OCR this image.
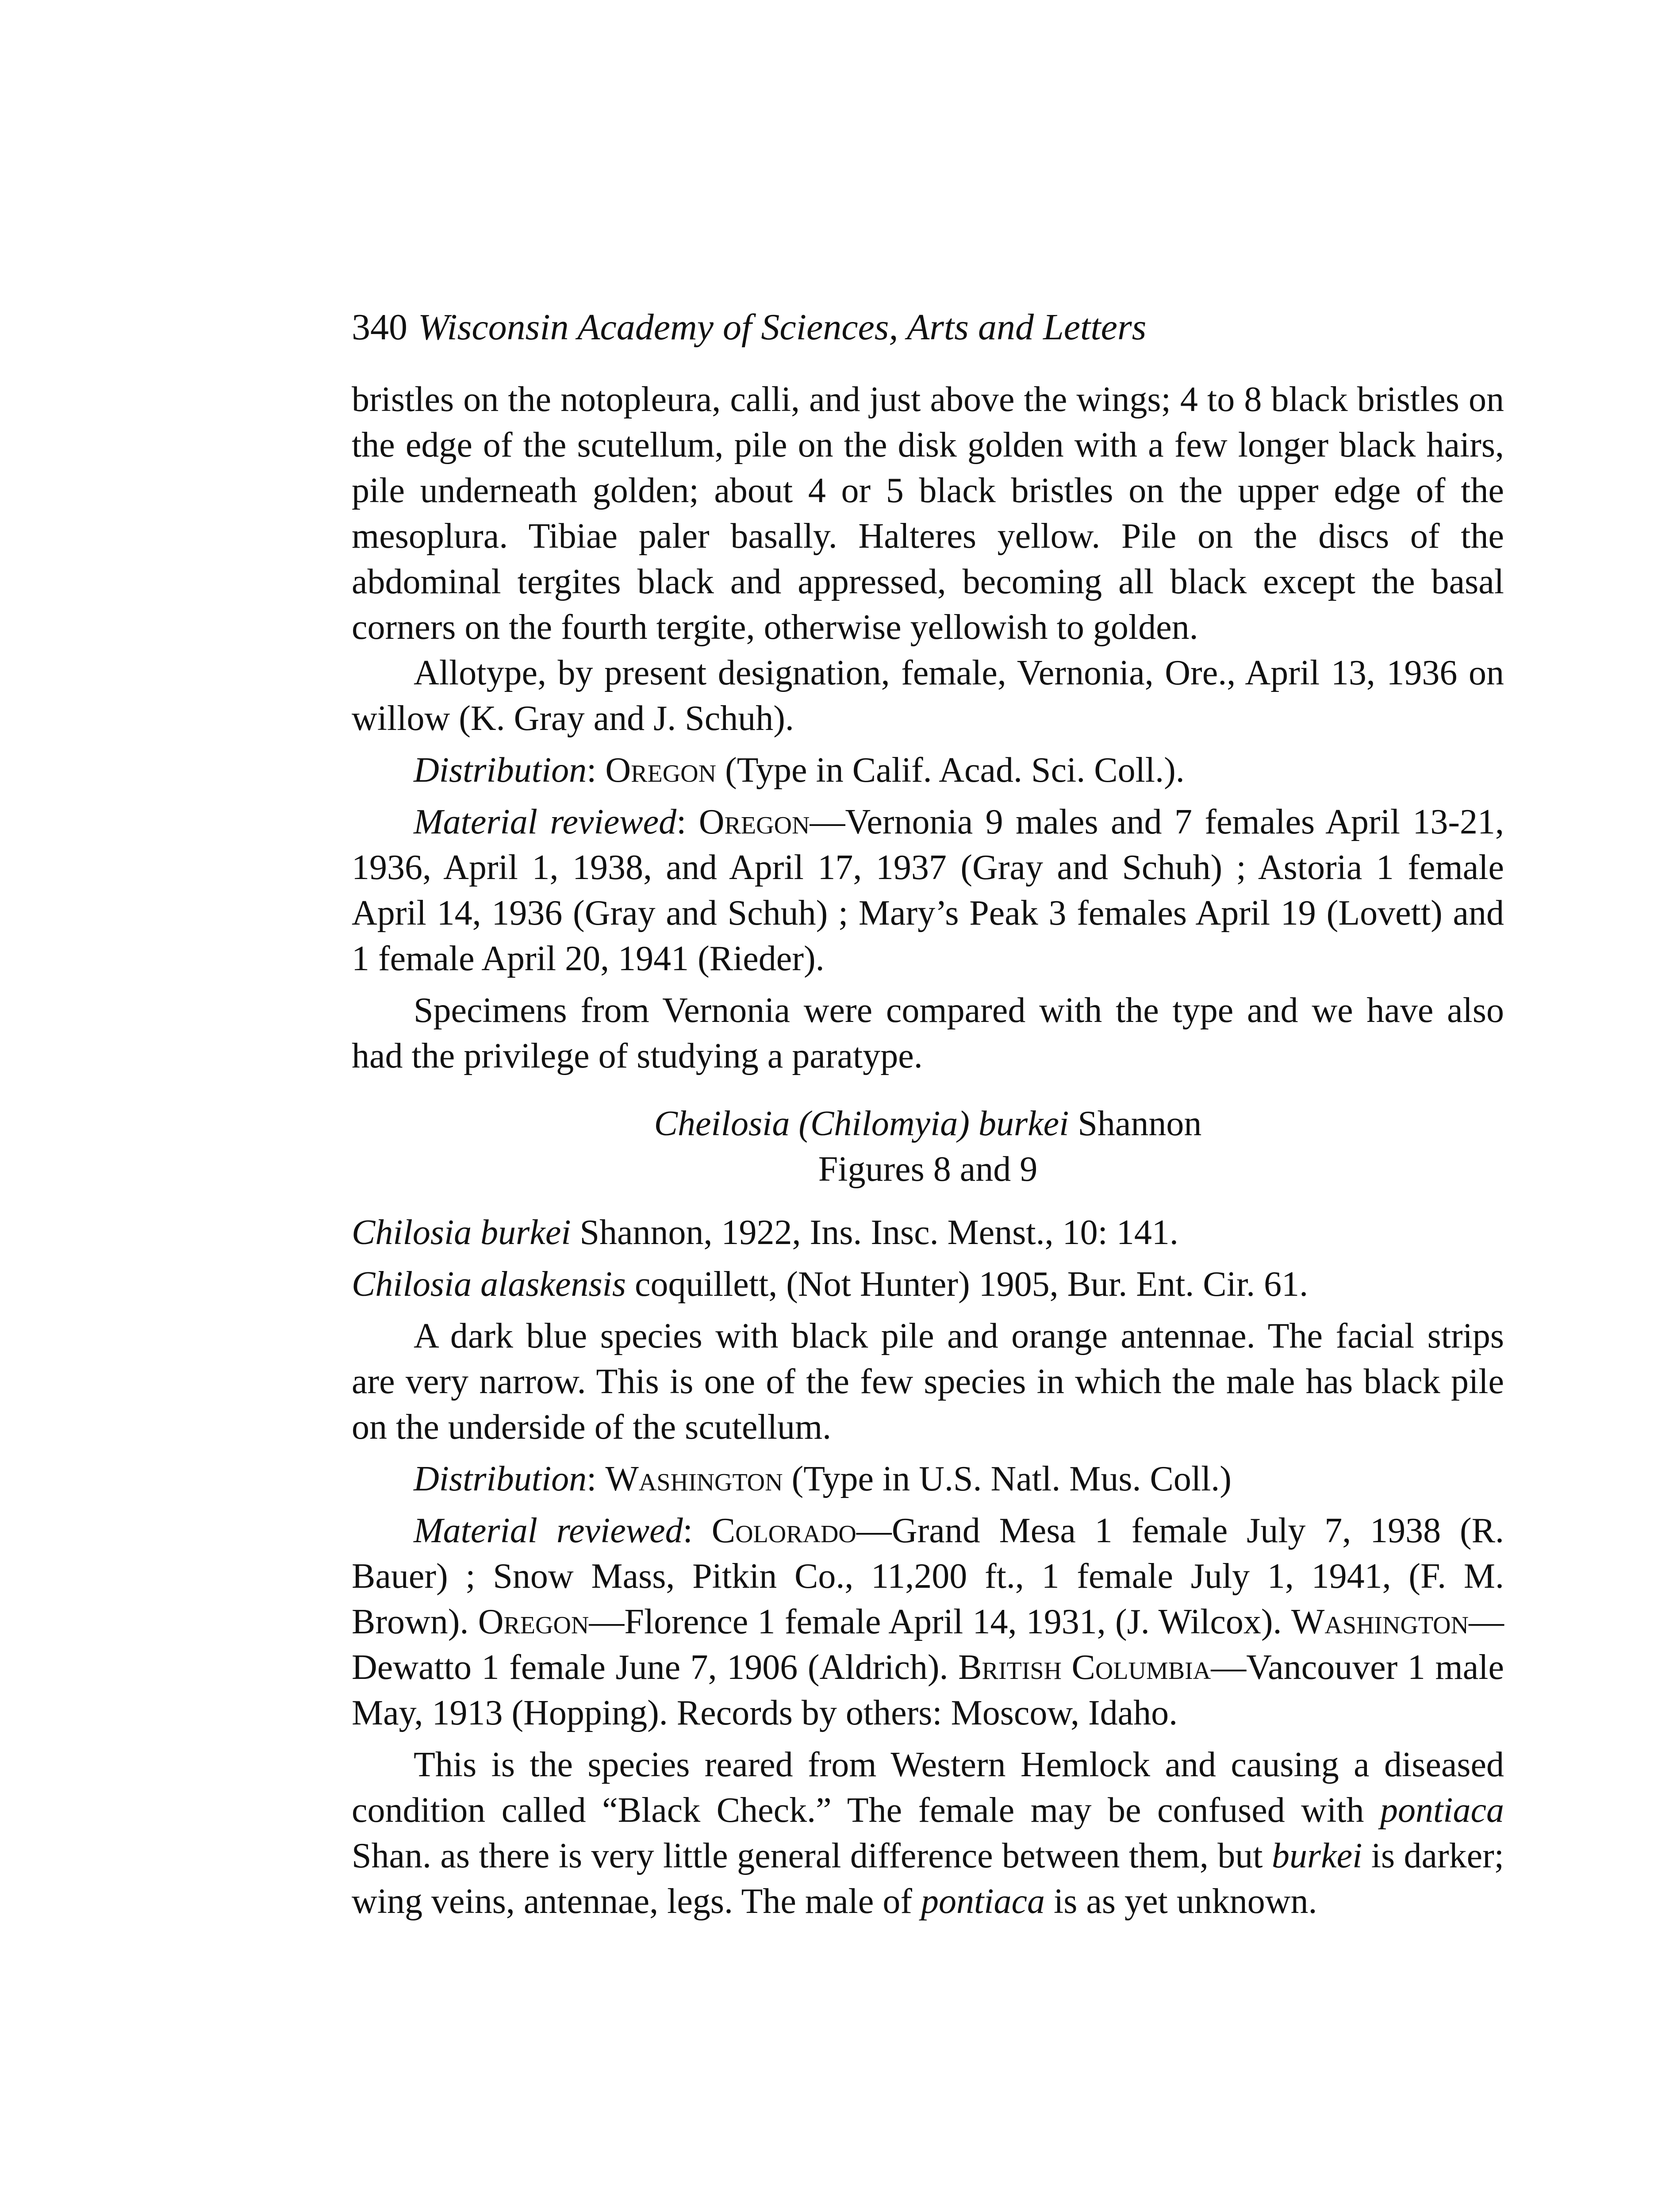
340 Wisconsin Academy of Sciences, Arts and Letters

bristles on the notopleura, calli, and just above the wings; 4 to 8 black bristles on the edge of the scutellum, pile on the disk golden with a few longer black hairs, pile underneath golden; about 4 or 5 black bristles on the upper edge of the mesoplura. Tibiae paler basally. Halteres yellow. Pile on the discs of the abdominal tergites black and appressed, becoming all black except the basal corners on the fourth tergite, otherwise yellowish to golden.

Allotype, by present designation, female, Vernonia, Ore., April 13, 1936 on willow (K. Gray and J. Schuh).

Distribution: Oregon (Type in Calif. Acad. Sci. Coll.).

Material reviewed: Oregon—Vernonia 9 males and 7 females April 13-21, 1936, April 1, 1938, and April 17, 1937 (Gray and Schuh) ; Astoria 1 female April 14, 1936 (Gray and Schuh) ; Mary’s Peak 3 females April 19 (Lovett) and 1 female April 20, 1941 (Rieder).

Specimens from Vernonia were compared with the type and we have also had the privilege of studying a paratype.

Cheilosia (Chilomyia) burkei Shannon

Figures 8 and 9

Chilosia burkei Shannon, 1922, Ins. Insc. Menst., 10: 141.

Chilosia alaskensis coquillett, (Not Hunter) 1905, Bur. Ent. Cir. 61.

A dark blue species with black pile and orange antennae. The facial strips are very narrow. This is one of the few species in which the male has black pile on the underside of the scutellum.

Distribution: Washington (Type in U.S. Natl. Mus. Coll.)

Material reviewed: Colorado—Grand Mesa 1 female July 7, 1938 (R. Bauer) ; Snow Mass, Pitkin Co., 11,200 ft., 1 female July 1, 1941, (F. M. Brown). Oregon—Florence 1 female April 14, 1931, (J. Wilcox). Washington—Dewatto 1 female June 7, 1906 (Aldrich). British Columbia—Vancouver 1 male May, 1913 (Hopping). Records by others: Moscow, Idaho.

This is the species reared from Western Hemlock and causing a diseased condition called “Black Check.” The female may be confused with pontiaca Shan. as there is very little general difference between them, but burkei is darker; wing veins, antennae, legs. The male of pontiaca is as yet unknown.
